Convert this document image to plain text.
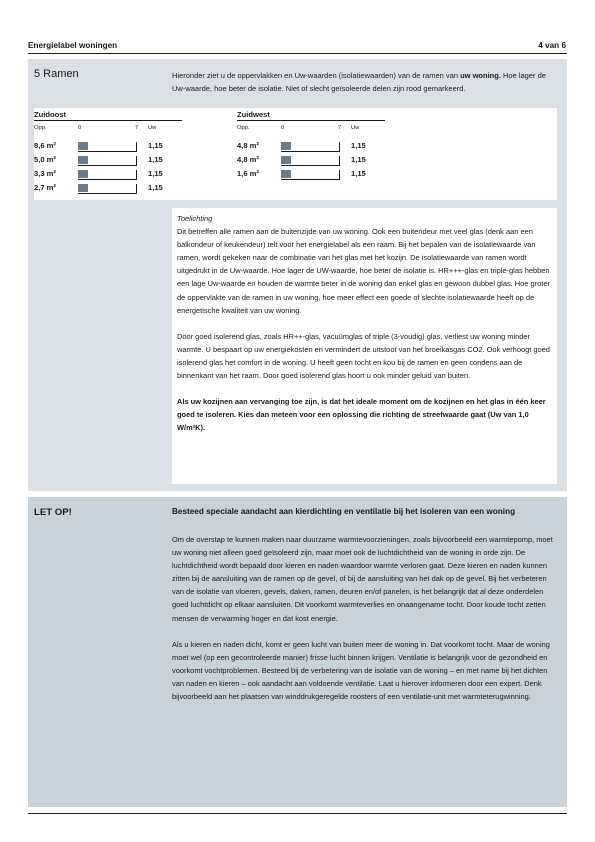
Energielabel woningen	4 van 6
5 Ramen	Hieronder ziet u de oppervlakken en Uw-waarden (isolatiewaarden) van de ramen van uw woning. Hoe lager de Uw-waarde, hoe beter de isolatie. Niet of slecht geïsoleerde delen zijn rood gemarkeerd.
Zuidoost
Opp.	0	7 Uw
8,6 m²	1,15
5,0 m²	1,15
3,3 m²	1,15
2,7 m²	1,15
Zuidwest
Opp.	0	7 Uw
4,8 m²	1,15
4,8 m²	1,15
1,6 m²	1,15
Toelichting

Dit betreffen alle ramen aan de buitenzijde van uw woning. Ook een buitendeur met veel glas (denk aan een balkondeur of keukendeur) telt voor het energielabel als een raam. Bij het bepalen van de isolatiewaarde van ramen, wordt gekeken naar de combinatie van het glas met het kozijn. De isolatiewaarde van ramen wordt uitgedrukt in de Uw-waarde. Hoe lager de UW-waarde, hoe beter de isolatie is. HR+++-glas en triple-glas hebben een lage Uw-waarde en houden de warmte beter in de woning dan enkel glas en gewoon dubbel glas. Hoe groter de oppervlakte van de ramen in uw woning, hoe meer effect een goede of slechte isolatiewaarde heeft op de energetische kwaliteit van uw woning.

Door goed isolerend glas, zoals HR++-glas, vacuümglas of triple (3-voudig) glas, verliest uw woning minder warmte. U bespaart op uw energiekosten en vermindert de uitstoot van het broeikasgas CO2. Ook verhoogt goed isolerend glas het comfort in de woning. U heeft geen tocht en kou bij de ramen en geen condens aan de binnenkant van het raam. Door goed isolerend glas hoort u ook minder geluid van buiten.

Als uw kozijnen aan vervanging toe zijn, is dat het ideale moment om de kozijnen en het glas in één keer goed te isoleren. Kies dan meteen voor een oplossing die richting de streefwaarde gaat (Uw van 1,0 W/m²K).

LET OP!	Besteed speciale aandacht aan kierdichting en ventilatie bij het isoleren van een woning

Om de overstap te kunnen maken naar duurzame warmtevoorzieningen, zoals bijvoorbeeld een warmtepomp, moet uw woning niet alleen goed geïsoleerd zijn, maar moet ook de luchtdichtheid van de woning in orde zijn. De luchtdichtheid wordt bepaald door kieren en naden waardoor warmte verloren gaat. Deze kieren en naden kunnen zitten bij de aansluiting van de ramen op de gevel, of bij de aansluiting van het dak op de gevel. Bij het verbeteren van de isolatie van vloeren, gevels, daken, ramen, deuren en/of panelen, is het belangrijk dat al deze onderdelen goed luchtdicht op elkaar aansluiten. Dit voorkomt warmteverlies en onaangename tocht. Door koude tocht zetten mensen de verwarming hoger en dat kost energie.

Als u kieren en naden dicht, komt er geen lucht van buiten meer de woning in. Dat voorkomt tocht. Maar de woning moet wel (op een gecontroleerde manier) frisse lucht binnen krijgen. Ventilatie is belangrijk voor de gezondheid en voorkomt vochtproblemen. Besteed bij de verbetering van de isolatie van de woning – en met name bij het dichten van naden en kieren – ook aandacht aan voldoende ventilatie. Laat u hierover informeren door een expert. Denk bijvoorbeeld aan het plaatsen van winddrukgeregelde roosters of een ventilatie-unit met warmteterugwinning.
